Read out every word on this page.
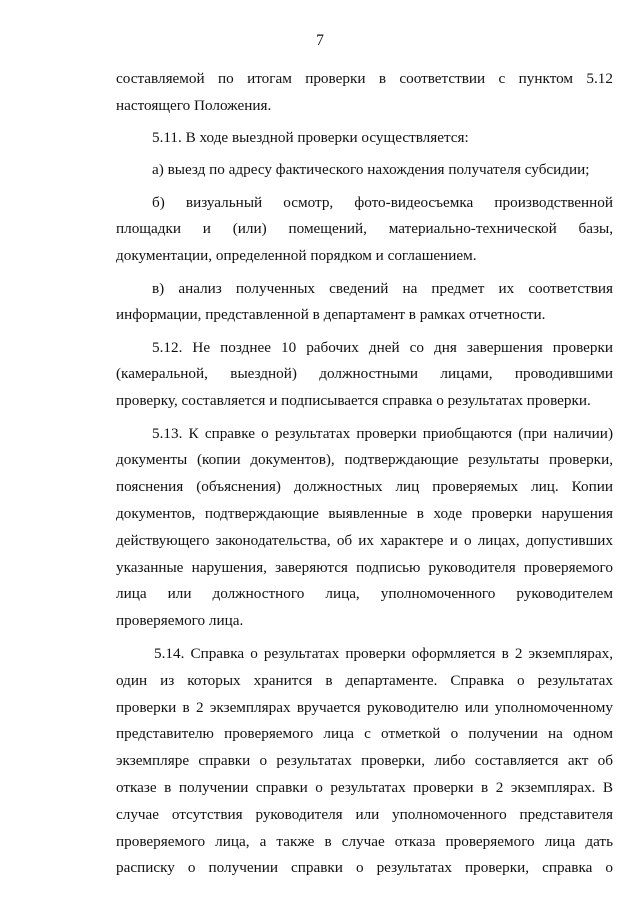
7
составляемой по итогам проверки в соответствии с пунктом 5.12
настоящего Положения.
5.11. В ходе выездной проверки осуществляется:
а) выезд по адресу фактического нахождения получателя субсидии;
б) визуальный осмотр, фото-видеосъемка производственной
площадки и (или) помещений, материально-технической базы,
документации, определенной порядком и соглашением.
в) анализ полученных сведений на предмет их соответствия
информации, представленной в департамент в рамках отчетности.
5.12. Не позднее 10 рабочих дней со дня завершения проверки
(камеральной, выездной) должностными лицами, проводившими
проверку, составляется и подписывается справка о результатах проверки.
5.13. К справке о результатах проверки приобщаются (при наличии)
документы (копии документов), подтверждающие результаты проверки,
пояснения (объяснения) должностных лиц проверяемых лиц. Копии
документов, подтверждающие выявленные в ходе проверки нарушения
действующего законодательства, об их характере и о лицах, допустивших
указанные нарушения, заверяются подписью руководителя проверяемого
лица или должностного лица, уполномоченного руководителем
проверяемого лица.
5.14. Справка о результатах проверки оформляется в 2 экземплярах,
один из которых хранится в департаменте. Справка о результатах
проверки в 2 экземплярах вручается руководителю или уполномоченному
представителю проверяемого лица с отметкой о получении на одном
экземпляре справки о результатах проверки, либо составляется акт об
отказе в получении справки о результатах проверки в 2 экземплярах. В
случае отсутствия руководителя или уполномоченного представителя
проверяемого лица, а также в случае отказа проверяемого лица дать
расписку о получении справки о результатах проверки, справка о
